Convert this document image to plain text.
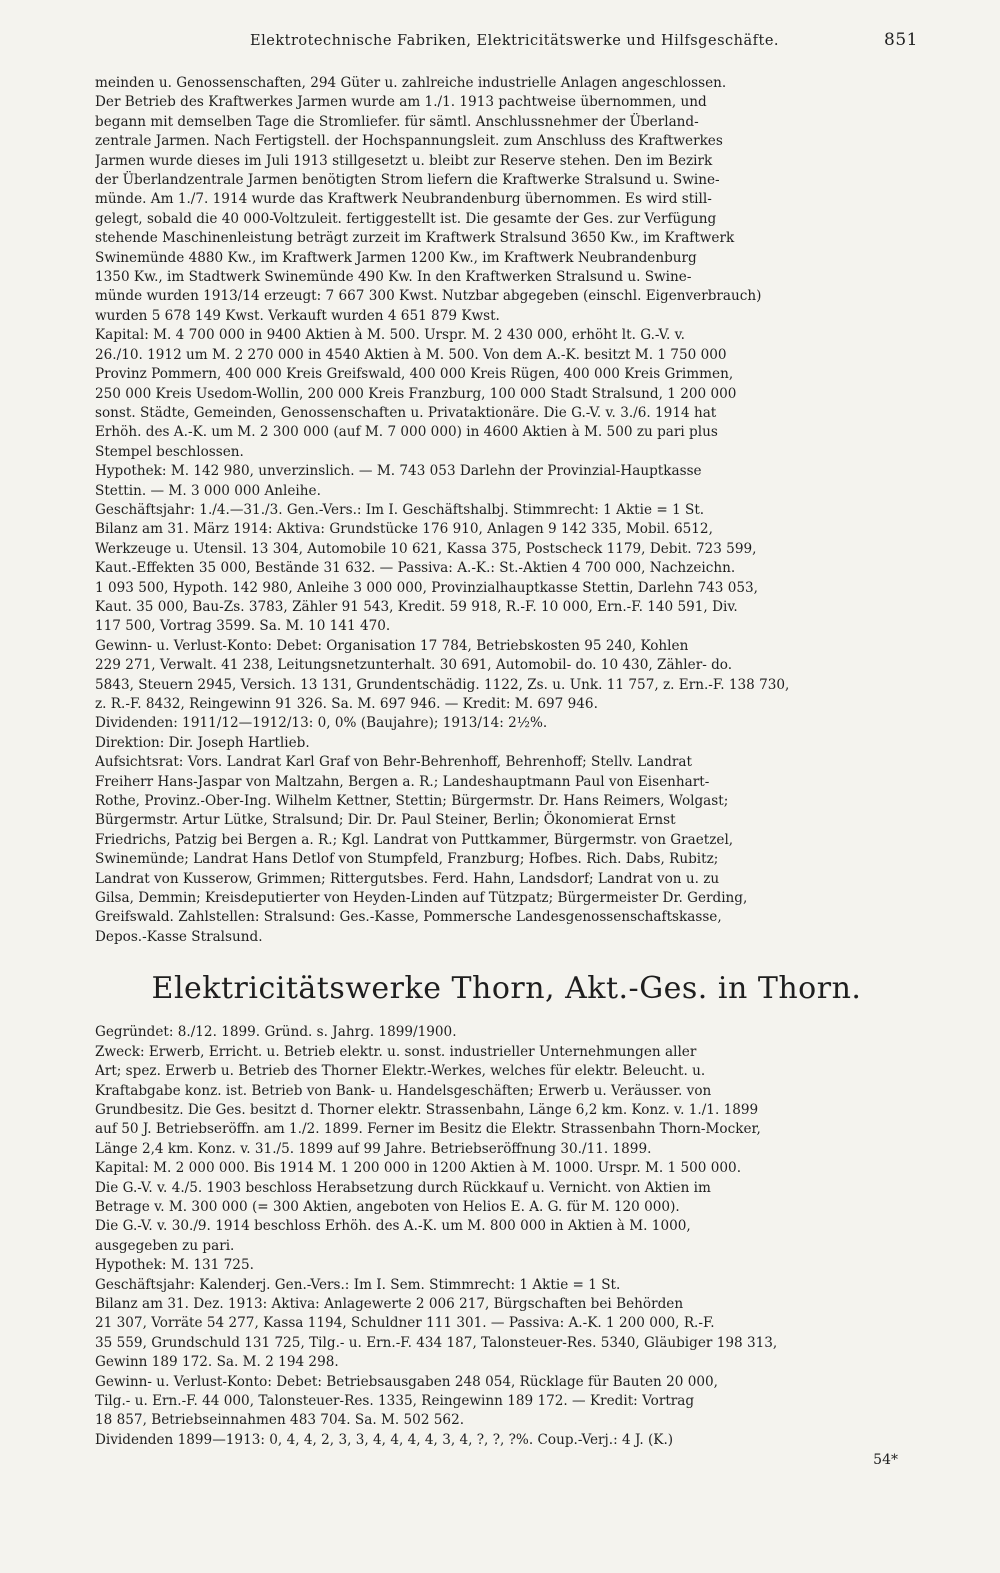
Elektrotechnische Fabriken, Elektricitätswerke und Hilfsgeschäfte.	851

meinden u. Genossenschaften, 294 Güter u. zahlreiche industrielle Anlagen angeschlossen.

Der Betrieb des Kraftwerkes Jarmen wurde am 1./1. 1913 pachtweise übernommen, und

begann mit demselben Tage die Stromliefer. für sämtl. Anschlussnehmer der Überland-

zentrale Jarmen. Nach Fertigstell. der Hochspannungsleit. zum Anschluss des Kraftwerkes

Jarmen wurde dieses im Juli 1913 stillgesetzt u. bleibt zur Reserve stehen. Den im Bezirk

der Überlandzentrale Jarmen benötigten Strom liefern die Kraftwerke Stralsund u. Swine-

münde. Am 1./7. 1914 wurde das Kraftwerk Neubrandenburg übernommen. Es wird still-

gelegt, sobald die 40 000-Voltzuleit. fertiggestellt ist. Die gesamte der Ges. zur Verfügung

stehende Maschinenleistung beträgt zurzeit im Kraftwerk Stralsund 3650 Kw., im Kraftwerk

Swinemünde 4880 Kw., im Kraftwerk Jarmen 1200 Kw., im Kraftwerk Neubrandenburg

1350 Kw., im Stadtwerk Swinemünde 490 Kw. In den Kraftwerken Stralsund u. Swine-

münde wurden 1913/14 erzeugt: 7 667 300 Kwst. Nutzbar abgegeben (einschl. Eigenverbrauch)

wurden 5 678 149 Kwst. Verkauft wurden 4 651 879 Kwst.

Kapital: M. 4 700 000 in 9400 Aktien à M. 500. Urspr. M. 2 430 000, erhöht lt. G.-V. v.

26./10. 1912 um M. 2 270 000 in 4540 Aktien à M. 500. Von dem A.-K. besitzt M. 1 750 000

Provinz Pommern, 400 000 Kreis Greifswald, 400 000 Kreis Rügen, 400 000 Kreis Grimmen,

250 000 Kreis Usedom-Wollin, 200 000 Kreis Franzburg, 100 000 Stadt Stralsund, 1 200 000

sonst. Städte, Gemeinden, Genossenschaften u. Privataktionäre. Die G.-V. v. 3./6. 1914 hat

Erhöh. des A.-K. um M. 2 300 000 (auf M. 7 000 000) in 4600 Aktien à M. 500 zu pari plus

Stempel beschlossen.

Hypothek: M. 142 980, unverzinslich. — M. 743 053 Darlehn der Provinzial-Hauptkasse

Stettin. — M. 3 000 000 Anleihe.

Geschäftsjahr: 1./4.—31./3. Gen.-Vers.: Im I. Geschäftshalbj. Stimmrecht: 1 Aktie = 1 St.

Bilanz am 31. März 1914: Aktiva: Grundstücke 176 910, Anlagen 9 142 335, Mobil. 6512,

Werkzeuge u. Utensil. 13 304, Automobile 10 621, Kassa 375, Postscheck 1179, Debit. 723 599,

Kaut.-Effekten 35 000, Bestände 31 632. — Passiva: A.-K.: St.-Aktien 4 700 000, Nachzeichn.

1 093 500, Hypoth. 142 980, Anleihe 3 000 000, Provinzialhauptkasse Stettin, Darlehn 743 053,

Kaut. 35 000, Bau-Zs. 3783, Zähler 91 543, Kredit. 59 918, R.-F. 10 000, Ern.-F. 140 591, Div.

117 500, Vortrag 3599. Sa. M. 10 141 470.

Gewinn- u. Verlust-Konto: Debet: Organisation 17 784, Betriebskosten 95 240, Kohlen

229 271, Verwalt. 41 238, Leitungsnetzunterhalt. 30 691, Automobil- do. 10 430, Zähler- do.

5843, Steuern 2945, Versich. 13 131, Grundentschädig. 1122, Zs. u. Unk. 11 757, z. Ern.-F. 138 730,

z. R.-F. 8432, Reingewinn 91 326. Sa. M. 697 946. — Kredit: M. 697 946.

Dividenden: 1911/12—1912/13: 0, 0% (Baujahre); 1913/14: 2½%.

Direktion: Dir. Joseph Hartlieb.

Aufsichtsrat: Vors. Landrat Karl Graf von Behr-Behrenhoff, Behrenhoff; Stellv. Landrat

Freiherr Hans-Jaspar von Maltzahn, Bergen a. R.; Landeshauptmann Paul von Eisenhart-

Rothe, Provinz.-Ober-Ing. Wilhelm Kettner, Stettin; Bürgermstr. Dr. Hans Reimers, Wolgast;

Bürgermstr. Artur Lütke, Stralsund; Dir. Dr. Paul Steiner, Berlin; Ökonomierat Ernst

Friedrichs, Patzig bei Bergen a. R.; Kgl. Landrat von Puttkammer, Bürgermstr. von Graetzel,

Swinemünde; Landrat Hans Detlof von Stumpfeld, Franzburg; Hofbes. Rich. Dabs, Rubitz;

Landrat von Kusserow, Grimmen; Rittergutsbes. Ferd. Hahn, Landsdorf; Landrat von u. zu

Gilsa, Demmin; Kreisdeputierter von Heyden-Linden auf Tützpatz; Bürgermeister Dr. Gerding,

Greifswald. Zahlstellen: Stralsund: Ges.-Kasse, Pommersche Landesgenossenschaftskasse,

Depos.-Kasse Stralsund.

Elektricitätswerke Thorn, Akt.-Ges. in Thorn.

Gegründet: 8./12. 1899. Gründ. s. Jahrg. 1899/1900.

Zweck: Erwerb, Erricht. u. Betrieb elektr. u. sonst. industrieller Unternehmungen aller

Art; spez. Erwerb u. Betrieb des Thorner Elektr.-Werkes, welches für elektr. Beleucht. u.

Kraftabgabe konz. ist. Betrieb von Bank- u. Handelsgeschäften; Erwerb u. Veräusser. von

Grundbesitz. Die Ges. besitzt d. Thorner elektr. Strassenbahn, Länge 6,2 km. Konz. v. 1./1. 1899

auf 50 J. Betriebseröffn. am 1./2. 1899. Ferner im Besitz die Elektr. Strassenbahn Thorn-Mocker,

Länge 2,4 km. Konz. v. 31./5. 1899 auf 99 Jahre. Betriebseröffnung 30./11. 1899.

Kapital: M. 2 000 000. Bis 1914 M. 1 200 000 in 1200 Aktien à M. 1000. Urspr. M. 1 500 000.

Die G.-V. v. 4./5. 1903 beschloss Herabsetzung durch Rückkauf u. Vernicht. von Aktien im

Betrage v. M. 300 000 (= 300 Aktien, angeboten von Helios E. A. G. für M. 120 000).

Die G.-V. v. 30./9. 1914 beschloss Erhöh. des A.-K. um M. 800 000 in Aktien à M. 1000,

ausgegeben zu pari.

Hypothek: M. 131 725.

Geschäftsjahr: Kalenderj. Gen.-Vers.: Im I. Sem. Stimmrecht: 1 Aktie = 1 St.

Bilanz am 31. Dez. 1913: Aktiva: Anlagewerte 2 006 217, Bürgschaften bei Behörden

21 307, Vorräte 54 277, Kassa 1194, Schuldner 111 301. — Passiva: A.-K. 1 200 000, R.-F.

35 559, Grundschuld 131 725, Tilg.- u. Ern.-F. 434 187, Talonsteuer-Res. 5340, Gläubiger 198 313,

Gewinn 189 172. Sa. M. 2 194 298.

Gewinn- u. Verlust-Konto: Debet: Betriebsausgaben 248 054, Rücklage für Bauten 20 000,

Tilg.- u. Ern.-F. 44 000, Talonsteuer-Res. 1335, Reingewinn 189 172. — Kredit: Vortrag

18 857, Betriebseinnahmen 483 704. Sa. M. 502 562.

Dividenden 1899—1913: 0, 4, 4, 2, 3, 3, 4, 4, 4, 4, 3, 4, ?, ?, ?%. Coup.-Verj.: 4 J. (K.)

54*
